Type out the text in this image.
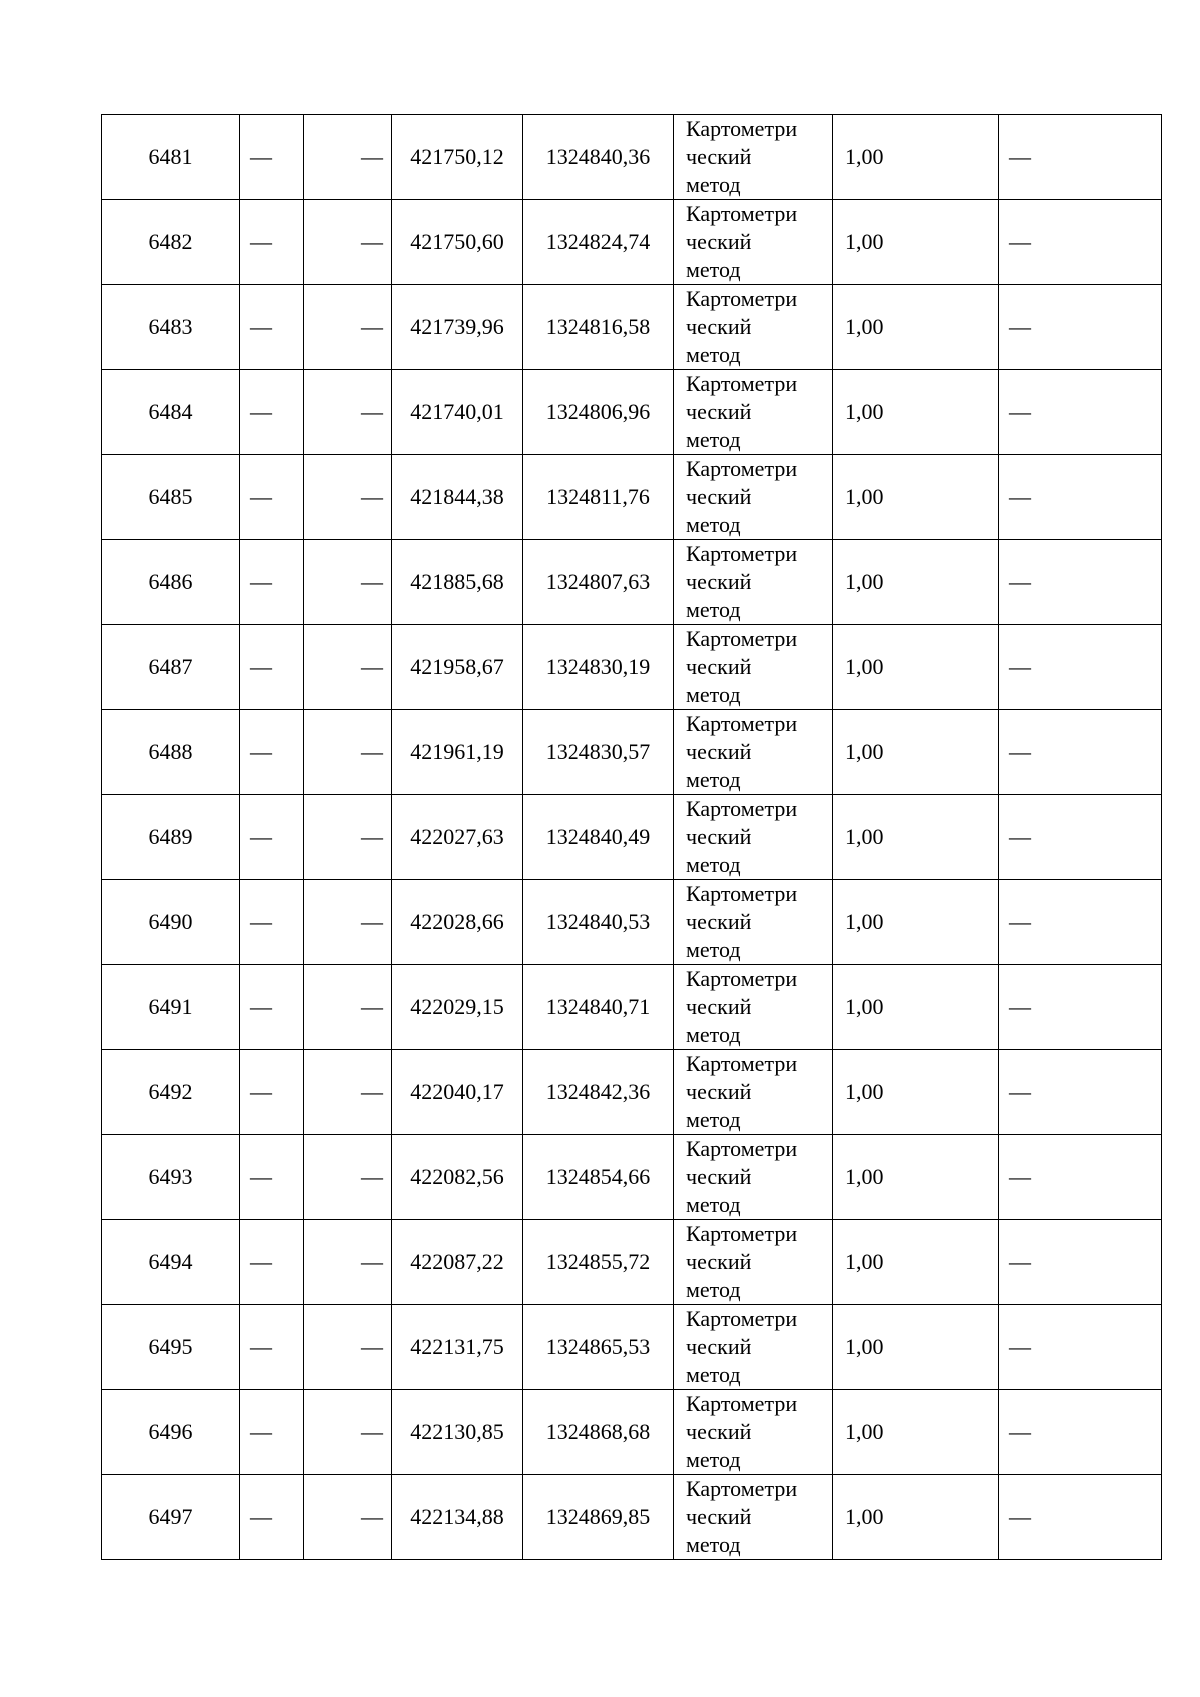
6481	—	—	421750,12	1324840,36	Картометри
ческий
метод	1,00	—
6482	—	—	421750,60	1324824,74	Картометри
ческий
метод	1,00	—
6483	—	—	421739,96	1324816,58	Картометри
ческий
метод	1,00	—
6484	—	—	421740,01	1324806,96	Картометри
ческий
метод	1,00	—
6485	—	—	421844,38	1324811,76	Картометри
ческий
метод	1,00	—
6486	—	—	421885,68	1324807,63	Картометри
ческий
метод	1,00	—
6487	—	—	421958,67	1324830,19	Картометри
ческий
метод	1,00	—
6488	—	—	421961,19	1324830,57	Картометри
ческий
метод	1,00	—
6489	—	—	422027,63	1324840,49	Картометри
ческий
метод	1,00	—
6490	—	—	422028,66	1324840,53	Картометри
ческий
метод	1,00	—
6491	—	—	422029,15	1324840,71	Картометри
ческий
метод	1,00	—
6492	—	—	422040,17	1324842,36	Картометри
ческий
метод	1,00	—
6493	—	—	422082,56	1324854,66	Картометри
ческий
метод	1,00	—
6494	—	—	422087,22	1324855,72	Картометри
ческий
метод	1,00	—
6495	—	—	422131,75	1324865,53	Картометри
ческий
метод	1,00	—
6496	—	—	422130,85	1324868,68	Картометри
ческий
метод	1,00	—
6497	—	—	422134,88	1324869,85	Картометри
ческий
метод	1,00	—
